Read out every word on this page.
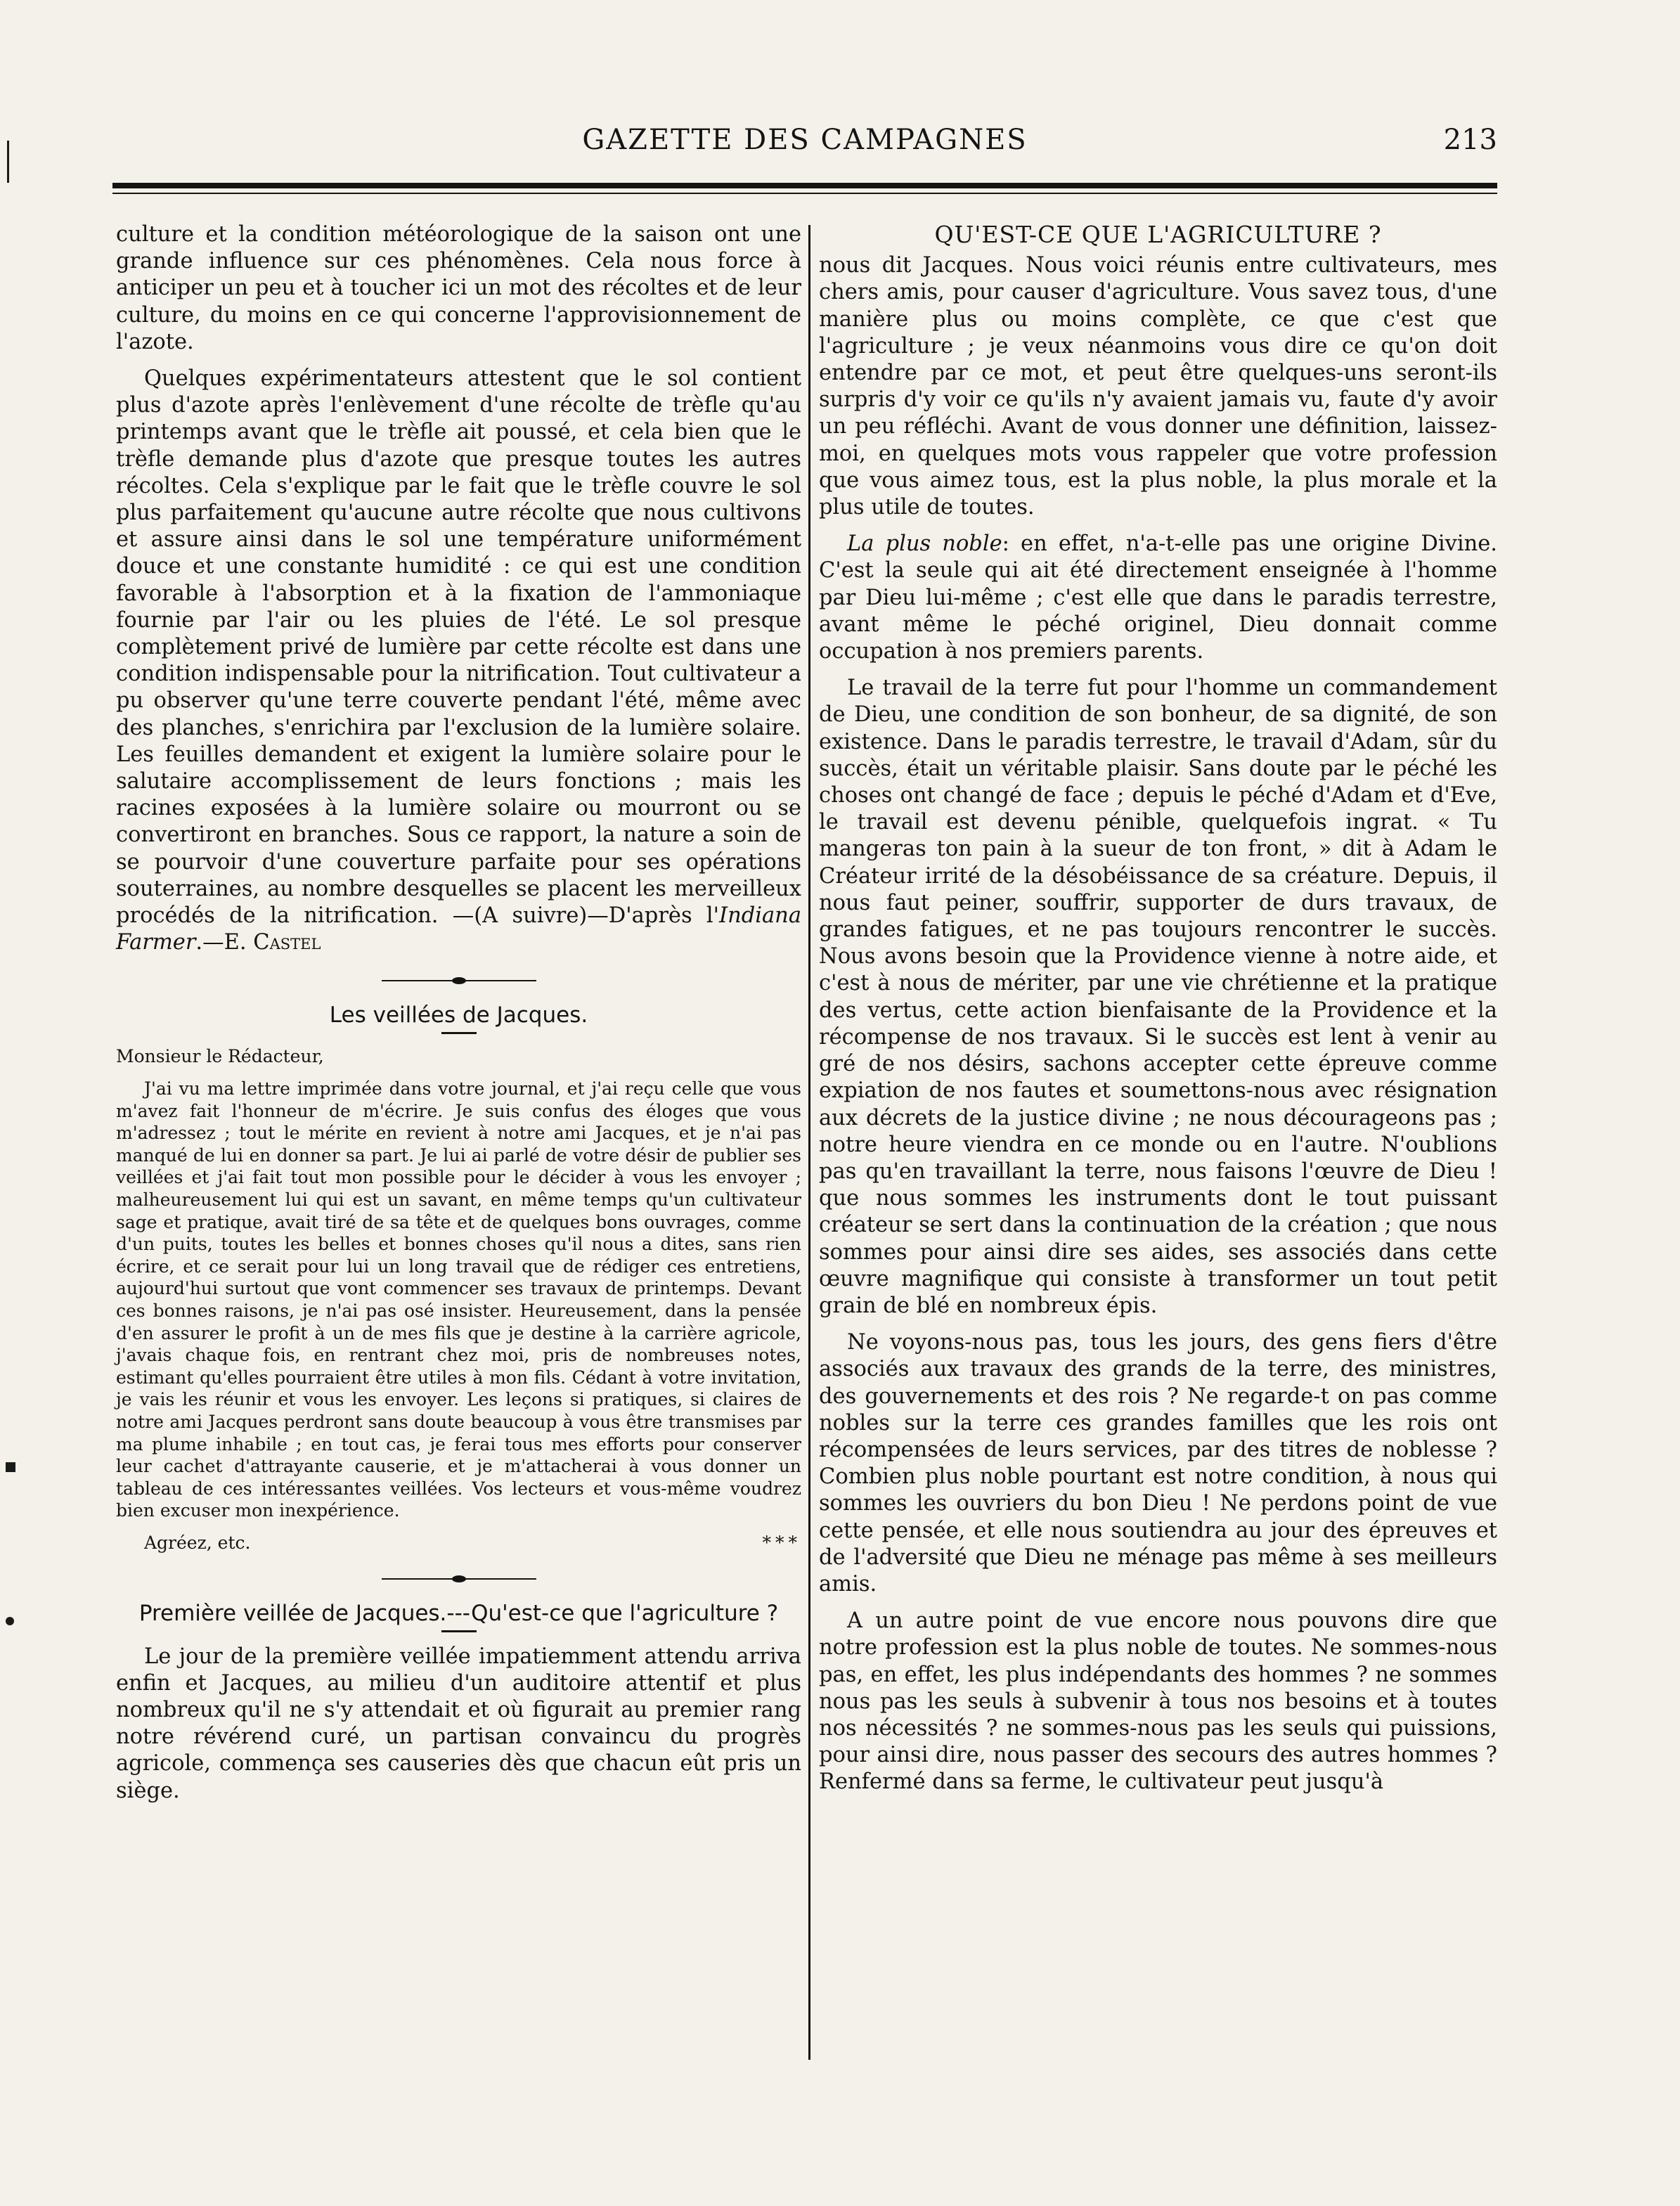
GAZETTE DES CAMPAGNES	213

culture et la condition météorologique de la saison ont une grande influence sur ces phénomènes. Cela nous force à anticiper un peu et à toucher ici un mot des récoltes et de leur culture, du moins en ce qui concerne l'approvisionnement de l'azote.

Quelques expérimentateurs attestent que le sol contient plus d'azote après l'enlèvement d'une récolte de trèfle qu'au printemps avant que le trèfle ait poussé, et cela bien que le trèfle demande plus d'azote que presque toutes les autres récoltes. Cela s'explique par le fait que le trèfle couvre le sol plus parfaitement qu'aucune autre récolte que nous cultivons et assure ainsi dans le sol une température uniformément douce et une constante humidité : ce qui est une condition favorable à l'absorption et à la fixation de l'ammoniaque fournie par l'air ou les pluies de l'été. Le sol presque complètement privé de lumière par cette récolte est dans une condition indispensable pour la nitrification. Tout cultivateur a pu observer qu'une terre couverte pendant l'été, même avec des planches, s'enrichira par l'exclusion de la lumière solaire. Les feuilles demandent et exigent la lumière solaire pour le salutaire accomplissement de leurs fonctions ; mais les racines exposées à la lumière solaire ou mourront ou se convertiront en branches. Sous ce rapport, la nature a soin de se pourvoir d'une couverture parfaite pour ses opérations souterraines, au nombre desquelles se placent les merveilleux procédés de la nitrification. —(A suivre)—D'après l'Indiana Farmer.—E. Castel

Les veillées de Jacques.

Monsieur le Rédacteur,

J'ai vu ma lettre imprimée dans votre journal, et j'ai reçu celle que vous m'avez fait l'honneur de m'écrire. Je suis confus des éloges que vous m'adressez ; tout le mérite en revient à notre ami Jacques, et je n'ai pas manqué de lui en donner sa part. Je lui ai parlé de votre désir de publier ses veillées et j'ai fait tout mon possible pour le décider à vous les envoyer ; malheureusement lui qui est un savant, en même temps qu'un cultivateur sage et pratique, avait tiré de sa tête et de quelques bons ouvrages, comme d'un puits, toutes les belles et bonnes choses qu'il nous a dites, sans rien écrire, et ce serait pour lui un long travail que de rédiger ces entretiens, aujourd'hui surtout que vont commencer ses travaux de printemps. Devant ces bonnes raisons, je n'ai pas osé insister. Heureusement, dans la pensée d'en assurer le profit à un de mes fils que je destine à la carrière agricole, j'avais chaque fois, en rentrant chez moi, pris de nombreuses notes, estimant qu'elles pourraient être utiles à mon fils. Cédant à votre invitation, je vais les réunir et vous les envoyer. Les leçons si pratiques, si claires de notre ami Jacques perdront sans doute beaucoup à vous être transmises par ma plume inhabile ; en tout cas, je ferai tous mes efforts pour conserver leur cachet d'attrayante causerie, et je m'attacherai à vous donner un tableau de ces intéressantes veillées. Vos lecteurs et vous-même voudrez bien excuser mon inexpérience.

Agréez, etc.	***

Première veillée de Jacques.---Qu'est-ce que l'agriculture ?

Le jour de la première veillée impatiemment attendu arriva enfin et Jacques, au milieu d'un auditoire attentif et plus nombreux qu'il ne s'y attendait et où figurait au premier rang notre révérend curé, un partisan convaincu du progrès agricole, commença ses causeries dès que chacun eût pris un siège.

QU'EST-CE QUE L'AGRICULTURE ?

nous dit Jacques. Nous voici réunis entre cultivateurs, mes chers amis, pour causer d'agriculture. Vous savez tous, d'une manière plus ou moins complète, ce que c'est que l'agriculture ; je veux néanmoins vous dire ce qu'on doit entendre par ce mot, et peut être quelques-uns seront-ils surpris d'y voir ce qu'ils n'y avaient jamais vu, faute d'y avoir un peu réfléchi. Avant de vous donner une définition, laissez-moi, en quelques mots vous rappeler que votre profession que vous aimez tous, est la plus noble, la plus morale et la plus utile de toutes.

La plus noble: en effet, n'a-t-elle pas une origine Divine. C'est la seule qui ait été directement enseignée à l'homme par Dieu lui-même ; c'est elle que dans le paradis terrestre, avant même le péché originel, Dieu donnait comme occupation à nos premiers parents.

Le travail de la terre fut pour l'homme un commandement de Dieu, une condition de son bonheur, de sa dignité, de son existence. Dans le paradis terrestre, le travail d'Adam, sûr du succès, était un véritable plaisir. Sans doute par le péché les choses ont changé de face ; depuis le péché d'Adam et d'Eve, le travail est devenu pénible, quelquefois ingrat. « Tu mangeras ton pain à la sueur de ton front, » dit à Adam le Créateur irrité de la désobéissance de sa créature. Depuis, il nous faut peiner, souffrir, supporter de durs travaux, de grandes fatigues, et ne pas toujours rencontrer le succès. Nous avons besoin que la Providence vienne à notre aide, et c'est à nous de mériter, par une vie chrétienne et la pratique des vertus, cette action bienfaisante de la Providence et la récompense de nos travaux. Si le succès est lent à venir au gré de nos désirs, sachons accepter cette épreuve comme expiation de nos fautes et soumettons-nous avec résignation aux décrets de la justice divine ; ne nous décourageons pas ; notre heure viendra en ce monde ou en l'autre. N'oublions pas qu'en travaillant la terre, nous faisons l'œuvre de Dieu ! que nous sommes les instruments dont le tout puissant créateur se sert dans la continuation de la création ; que nous sommes pour ainsi dire ses aides, ses associés dans cette œuvre magnifique qui consiste à transformer un tout petit grain de blé en nombreux épis.

Ne voyons-nous pas, tous les jours, des gens fiers d'être associés aux travaux des grands de la terre, des ministres, des gouvernements et des rois ? Ne regarde-t on pas comme nobles sur la terre ces grandes familles que les rois ont récompensées de leurs services, par des titres de noblesse ? Combien plus noble pourtant est notre condition, à nous qui sommes les ouvriers du bon Dieu ! Ne perdons point de vue cette pensée, et elle nous soutiendra au jour des épreuves et de l'adversité que Dieu ne ménage pas même à ses meilleurs amis.

A un autre point de vue encore nous pouvons dire que notre profession est la plus noble de toutes. Ne sommes-nous pas, en effet, les plus indépendants des hommes ? ne sommes nous pas les seuls à subvenir à tous nos besoins et à toutes nos nécessités ? ne sommes-nous pas les seuls qui puissions, pour ainsi dire, nous passer des secours des autres hommes ? Renfermé dans sa ferme, le cultivateur peut jusqu'à
